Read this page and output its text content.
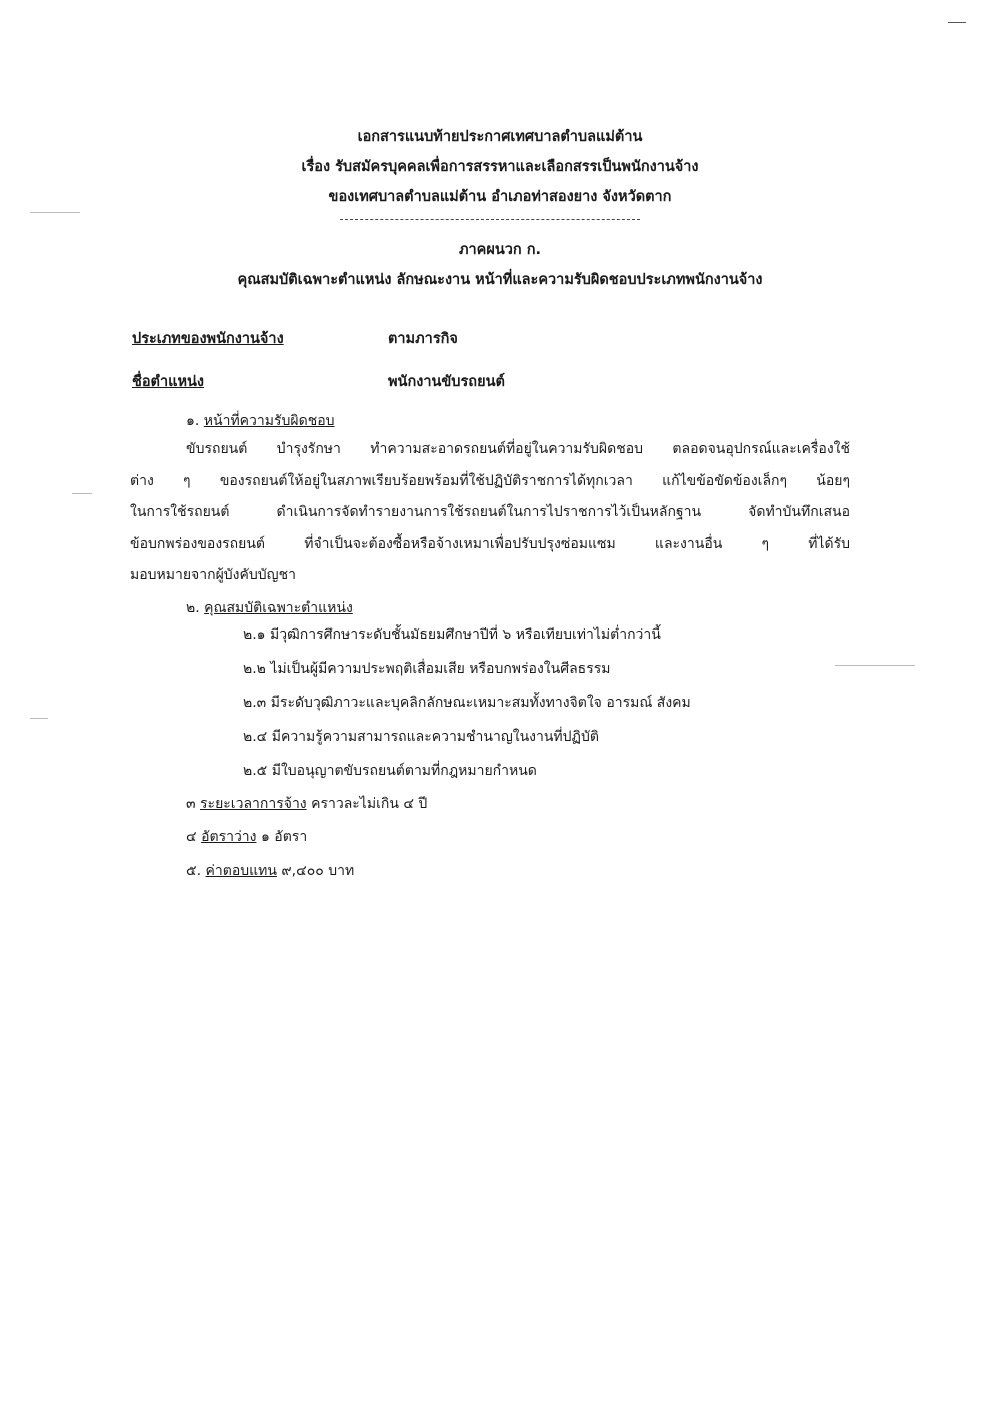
เอกสารแนบท้ายประกาศเทศบาลตำบลแม่ต้าน
เรื่อง รับสมัครบุคคลเพื่อการสรรหาและเลือกสรรเป็นพนักงานจ้าง
ของเทศบาลตำบลแม่ต้าน อำเภอท่าสองยาง จังหวัดตาก
ภาคผนวก ก.
คุณสมบัติเฉพาะตำแหน่ง ลักษณะงาน หน้าที่และความรับผิดชอบประเภทพนักงานจ้าง
ประเภทของพนักงานจ้าง	ตามภารกิจ
ชื่อตำแหน่ง	พนักงานขับรถยนต์
๑. หน้าที่ความรับผิดชอบ
ขับรถยนต์ บำรุงรักษา ทำความสะอาดรถยนต์ที่อยู่ในความรับผิดชอบ ตลอดจนอุปกรณ์และเครื่องใช้
ต่าง ๆ ของรถยนต์ให้อยู่ในสภาพเรียบร้อยพร้อมที่ใช้ปฏิบัติราชการได้ทุกเวลา แก้ไขข้อขัดข้องเล็กๆ น้อยๆ
ในการใช้รถยนต์ ดำเนินการจัดทำรายงานการใช้รถยนต์ในการไปราชการไว้เป็นหลักฐาน จัดทำบันทึกเสนอ
ข้อบกพร่องของรถยนต์ ที่จำเป็นจะต้องซื้อหรือจ้างเหมาเพื่อปรับปรุงซ่อมแซม และงานอื่น ๆ ที่ได้รับ
มอบหมายจากผู้บังคับบัญชา
๒. คุณสมบัติเฉพาะตำแหน่ง
๒.๑ มีวุฒิการศึกษาระดับชั้นมัธยมศึกษาปีที่ ๖ หรือเทียบเท่าไม่ต่ำกว่านี้
๒.๒ ไม่เป็นผู้มีความประพฤติเสื่อมเสีย หรือบกพร่องในศีลธรรม
๒.๓ มีระดับวุฒิภาวะและบุคลิกลักษณะเหมาะสมทั้งทางจิตใจ อารมณ์ สังคม
๒.๔ มีความรู้ความสามารถและความชำนาญในงานที่ปฏิบัติ
๒.๕ มีใบอนุญาตขับรถยนต์ตามที่กฎหมายกำหนด
๓ ระยะเวลาการจ้าง คราวละไม่เกิน ๔ ปี
๔ อัตราว่าง ๑ อัตรา
๕. ค่าตอบแทน ๙,๔๐๐ บาท
